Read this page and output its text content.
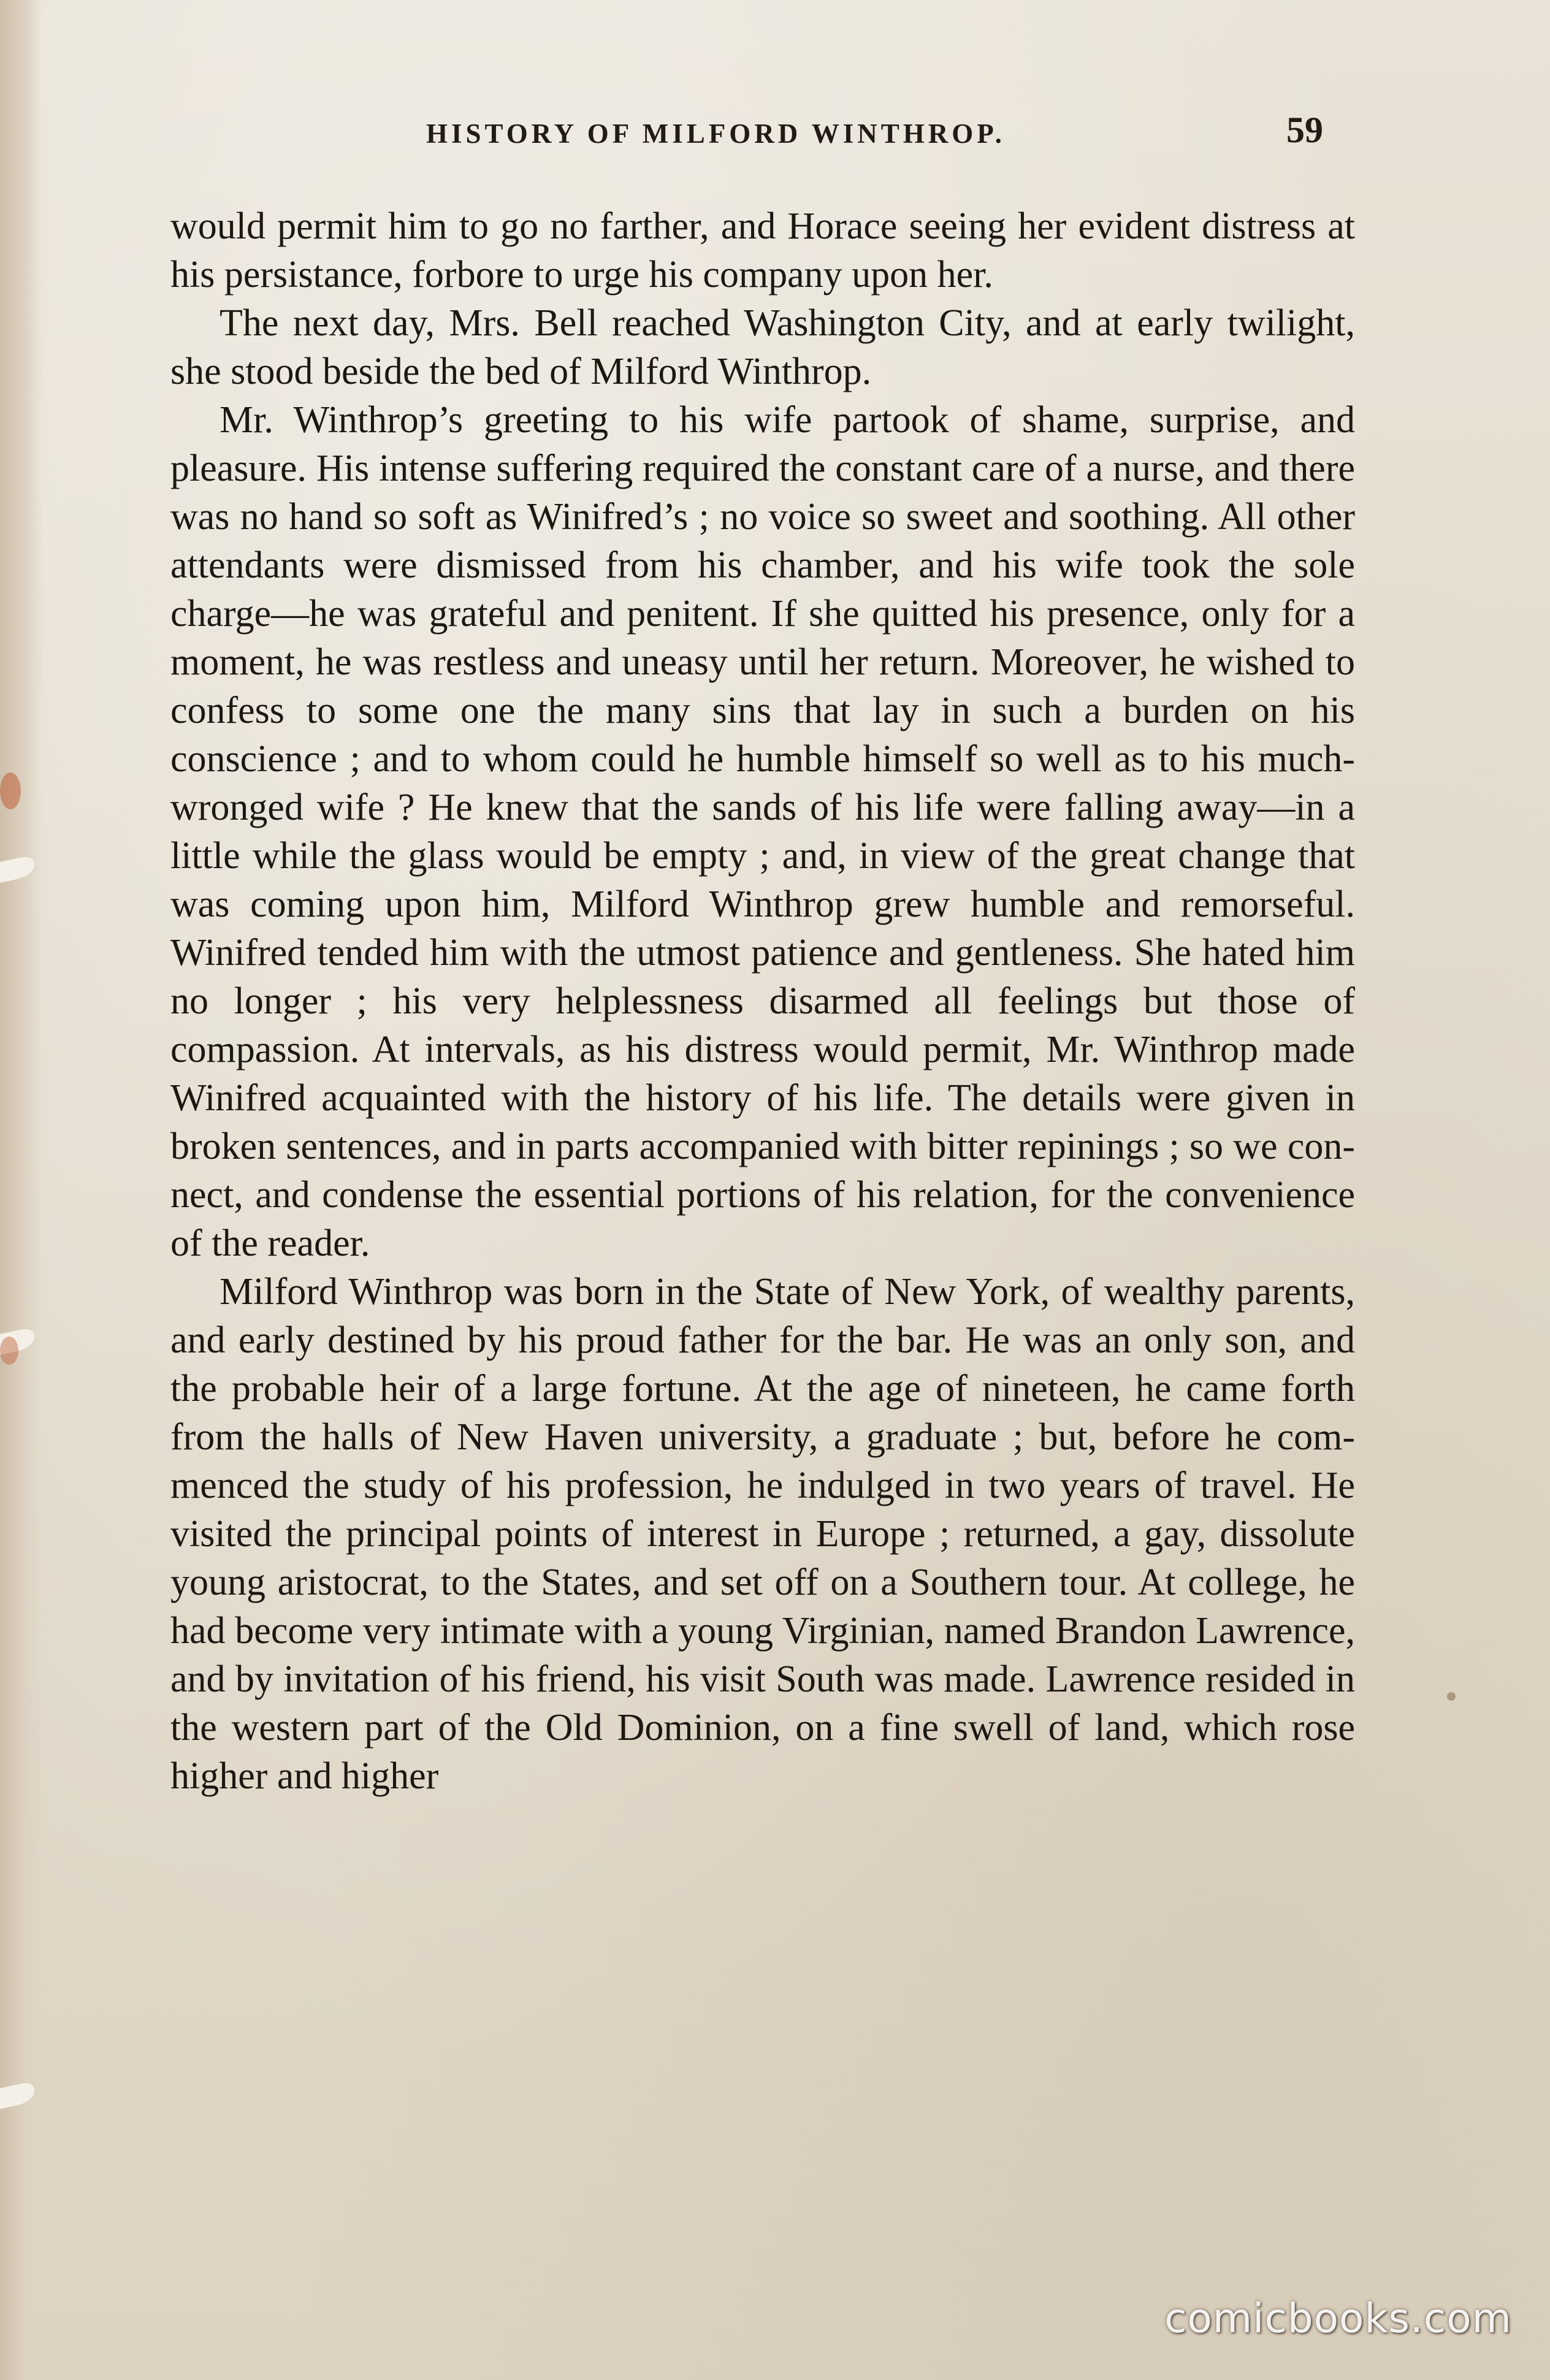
HISTORY OF MILFORD WINTHROP.	59

would permit him to go no farther, and Horace seeing her evident distress at his persistance, forbore to urge his company upon her.

The next day, Mrs. Bell reached Washington City, and at early twilight, she stood beside the bed of Milford Winthrop.

Mr. Winthrop’s greeting to his wife partook of shame, surprise, and pleasure. His intense suffering required the constant care of a nurse, and there was no hand so soft as Winifred’s ; no voice so sweet and soothing. All other attendants were dismissed from his chamber, and his wife took the sole charge—he was grateful and penitent. If she quitted his presence, only for a moment, he was restless and uneasy until her return. Moreover, he wished to confess to some one the many sins that lay in such a burden on his conscience ; and to whom could he humble himself so well as to his much-wronged wife ? He knew that the sands of his life were falling away—in a little while the glass would be empty ; and, in view of the great change that was coming upon him, Milford Winthrop grew humble and remorseful. Winifred tended him with the utmost patience and gentleness. She hated him no longer ; his very helplessness disarmed all feelings but those of compassion. At intervals, as his distress would permit, Mr. Winthrop made Winifred acquainted with the history of his life. The details were given in broken sentences, and in parts accompanied with bitter repinings ; so we connect, and condense the essential portions of his relation, for the convenience of the reader.

Milford Winthrop was born in the State of New York, of wealthy parents, and early destined by his proud father for the bar. He was an only son, and the probable heir of a large fortune. At the age of nineteen, he came forth from the halls of New Haven university, a graduate ; but, before he commenced the study of his profession, he indulged in two years of travel. He visited the principal points of interest in Europe ; returned, a gay, dissolute young aristocrat, to the States, and set off on a Southern tour. At college, he had become very intimate with a young Virginian, named Brandon Lawrence, and by invitation of his friend, his visit South was made. Lawrence resided in the western part of the Old Dominion, on a fine swell of land, which rose higher and higher

comicbooks.com
